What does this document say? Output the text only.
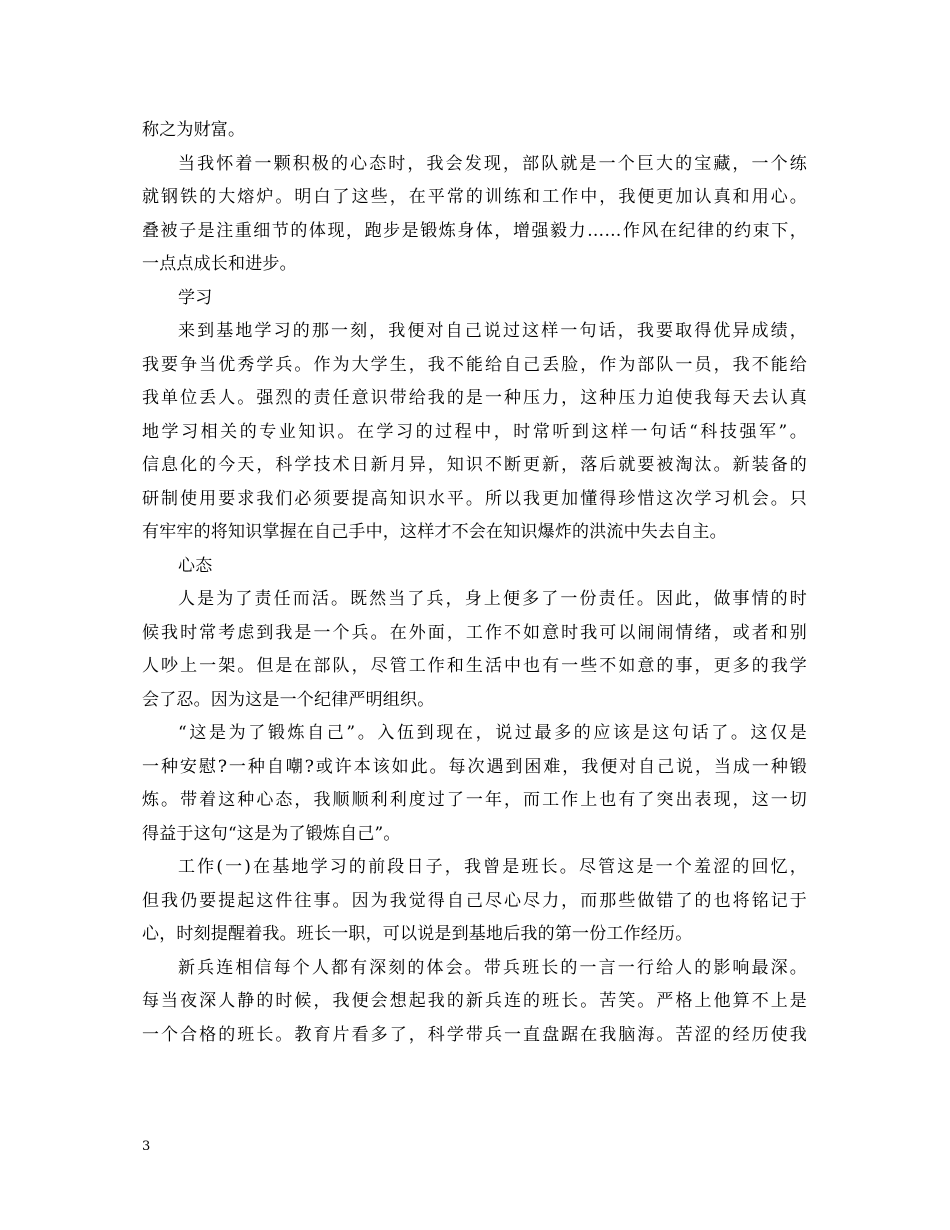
称之为财富。
当我怀着一颗积极的心态时，我会发现，部队就是一个巨大的宝藏，一个练
就钢铁的大熔炉。明白了这些，在平常的训练和工作中，我便更加认真和用心。
叠被子是注重细节的体现，跑步是锻炼身体，增强毅力……作风在纪律的约束下，
一点点成长和进步。
学习
来到基地学习的那一刻，我便对自己说过这样一句话，我要取得优异成绩，
我要争当优秀学兵。作为大学生，我不能给自己丢脸，作为部队一员，我不能给
我单位丢人。强烈的责任意识带给我的是一种压力，这种压力迫使我每天去认真
地学习相关的专业知识。在学习的过程中，时常听到这样一句话“科技强军”。
信息化的今天，科学技术日新月异，知识不断更新，落后就要被淘汰。新装备的
研制使用要求我们必须要提高知识水平。所以我更加懂得珍惜这次学习机会。只
有牢牢的将知识掌握在自己手中，这样才不会在知识爆炸的洪流中失去自主。
心态
人是为了责任而活。既然当了兵，身上便多了一份责任。因此，做事情的时
候我时常考虑到我是一个兵。在外面，工作不如意时我可以闹闹情绪，或者和别
人吵上一架。但是在部队，尽管工作和生活中也有一些不如意的事，更多的我学
会了忍。因为这是一个纪律严明组织。
“这是为了锻炼自己”。入伍到现在，说过最多的应该是这句话了。这仅是
一种安慰?一种自嘲?或许本该如此。每次遇到困难，我便对自己说，当成一种锻
炼。带着这种心态，我顺顺利利度过了一年，而工作上也有了突出表现，这一切
得益于这句“这是为了锻炼自己”。
工作(一)在基地学习的前段日子，我曾是班长。尽管这是一个羞涩的回忆，
但我仍要提起这件往事。因为我觉得自己尽心尽力，而那些做错了的也将铭记于
心，时刻提醒着我。班长一职，可以说是到基地后我的第一份工作经历。
新兵连相信每个人都有深刻的体会。带兵班长的一言一行给人的影响最深。
每当夜深人静的时候，我便会想起我的新兵连的班长。苦笑。严格上他算不上是
一个合格的班长。教育片看多了，科学带兵一直盘踞在我脑海。苦涩的经历使我
3
